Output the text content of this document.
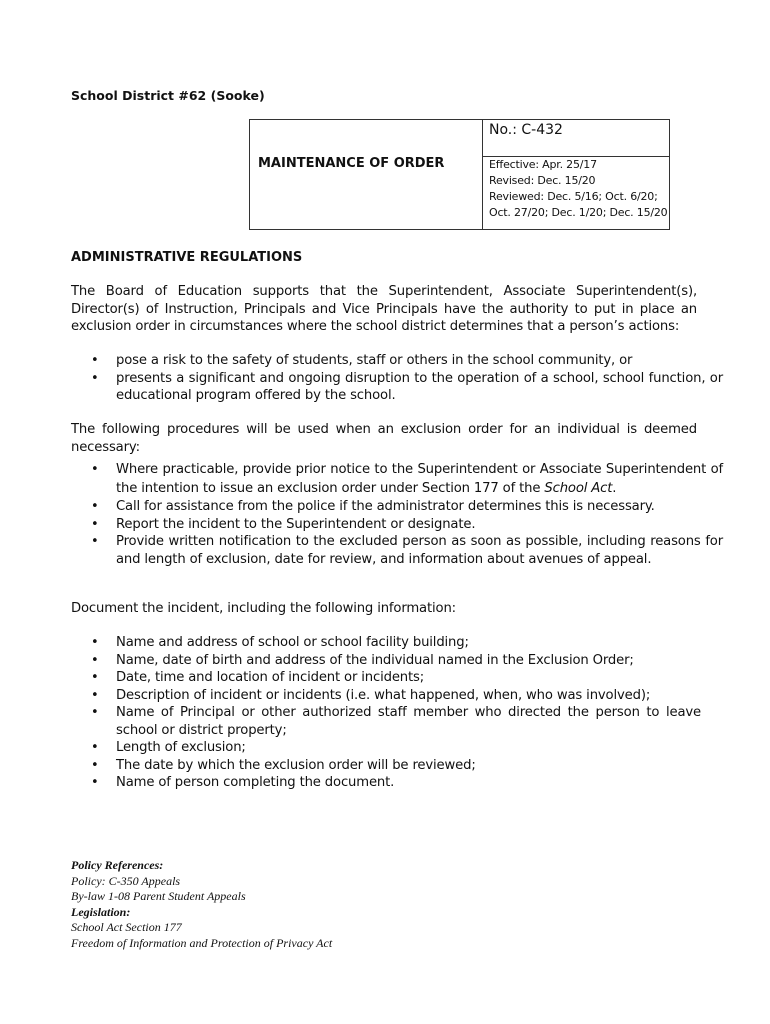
School District #62 (Sooke)
MAINTENANCE OF ORDER
No.: C-432
Effective: Apr. 25/17
Revised: Dec. 15/20
Reviewed: Dec. 5/16; Oct. 6/20;
Oct. 27/20; Dec. 1/20; Dec. 15/20
ADMINISTRATIVE REGULATIONS
The Board of Education supports that the Superintendent, Associate Superintendent(s), Director(s) of Instruction, Principals and Vice Principals have the authority to put in place an exclusion order in circumstances where the school district determines that a person’s actions:
• pose a risk to the safety of students, staff or others in the school community, or
• presents a significant and ongoing disruption to the operation of a school, school function, or educational program offered by the school.
The following procedures will be used when an exclusion order for an individual is deemed necessary:
• Where practicable, provide prior notice to the Superintendent or Associate Superintendent of the intention to issue an exclusion order under Section 177 of the School Act.
• Call for assistance from the police if the administrator determines this is necessary.
• Report the incident to the Superintendent or designate.
• Provide written notification to the excluded person as soon as possible, including reasons for and length of exclusion, date for review, and information about avenues of appeal.
Document the incident, including the following information:
• Name and address of school or school facility building;
• Name, date of birth and address of the individual named in the Exclusion Order;
• Date, time and location of incident or incidents;
• Description of incident or incidents (i.e. what happened, when, who was involved);
• Name of Principal or other authorized staff member who directed the person to leave school or district property;
• Length of exclusion;
• The date by which the exclusion order will be reviewed;
• Name of person completing the document.
Policy References:
Policy: C-350 Appeals
By-law 1-08 Parent Student Appeals
Legislation:
School Act Section 177
Freedom of Information and Protection of Privacy Act
